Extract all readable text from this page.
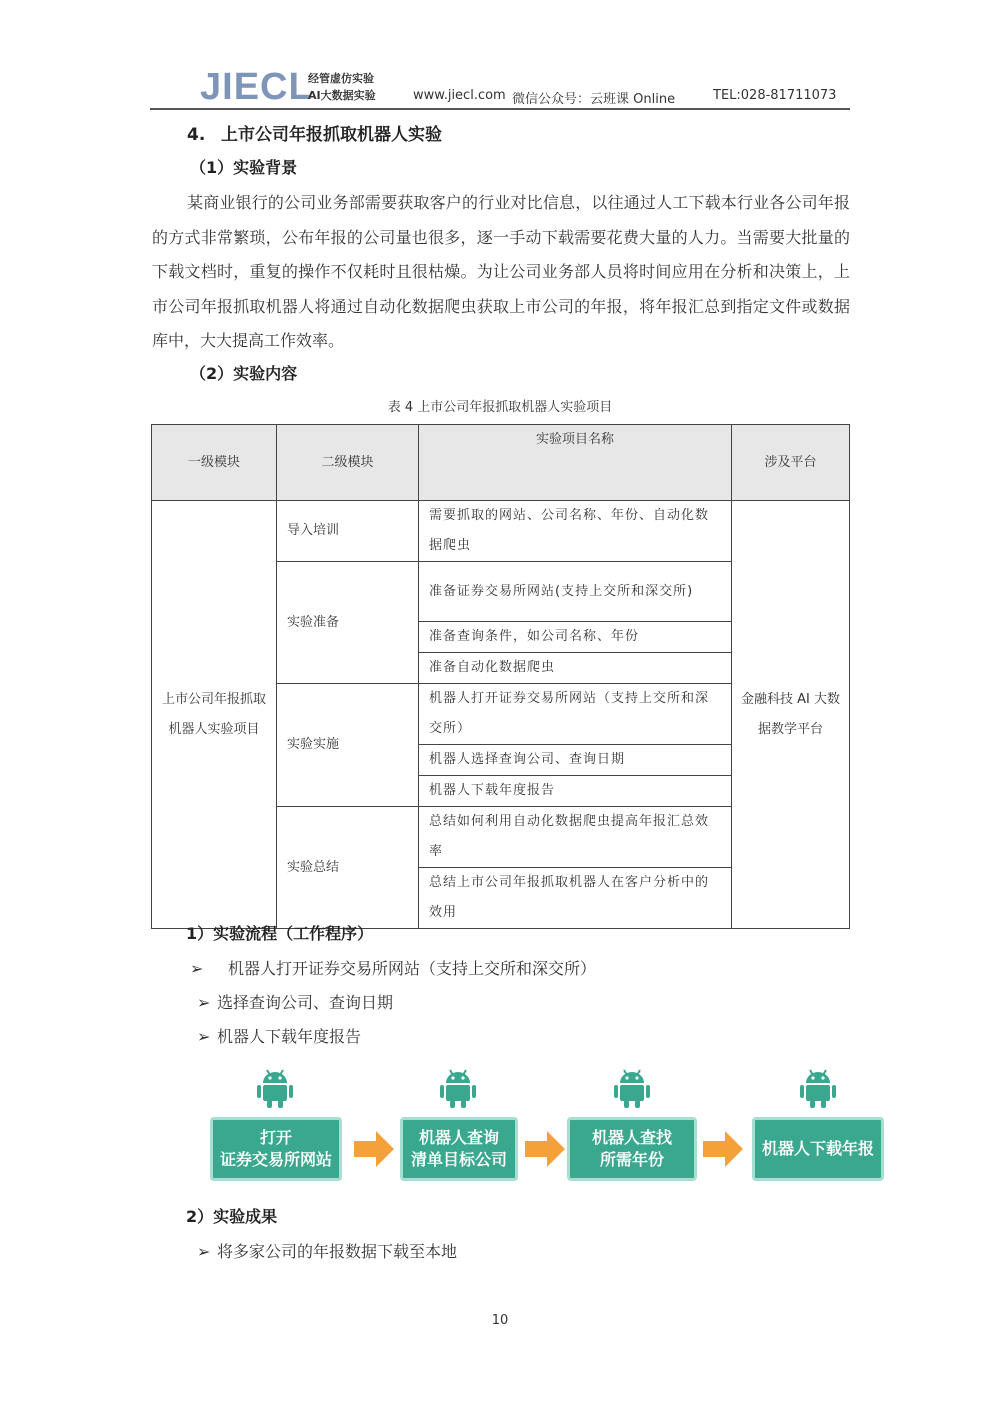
JIECL
经管虚仿实验
AI大数据实验	www.jiecl.com 微信公众号：云班课 Online	TEL:028-81711073
4. 上市公司年报抓取机器人实验
（1）实验背景
某商业银行的公司业务部需要获取客户的行业对比信息，以往通过人工下载本行业各公司年报的方式非常繁琐，公布年报的公司量也很多，逐一手动下载需要花费大量的人力。当需要大批量的下载文档时，重复的操作不仅耗时且很枯燥。为让公司业务部人员将时间应用在分析和决策上，上市公司年报抓取机器人将通过自动化数据爬虫获取上市公司的年报，将年报汇总到指定文件或数据库中，大大提高工作效率。
（2）实验内容
表 4 上市公司年报抓取机器人实验项目
一级模块	二级模块	实验项目名称	涉及平台
上市公司年报抓取机器人实验项目	导入培训	需要抓取的网站、公司名称、年份、自动化数据爬虫	金融科技 AI 大数据教学平台
	实验准备	准备证券交易所网站(支持上交所和深交所)	
		准备查询条件，如公司名称、年份	
		准备自动化数据爬虫	
	实验实施	机器人打开证券交易所网站（支持上交所和深交所）	
		机器人选择查询公司、查询日期	
		机器人下载年度报告	
	实验总结	总结如何利用自动化数据爬虫提高年报汇总效率	
		总结上市公司年报抓取机器人在客户分析中的效用	
1）实验流程（工作程序）
➢ 机器人打开证券交易所网站（支持上交所和深交所）
➢ 选择查询公司、查询日期
➢ 机器人下载年度报告
打开
证券交易所网站
机器人查询
清单目标公司
机器人查找
所需年份
机器人下载年报
2）实验成果
➢ 将多家公司的年报数据下载至本地
10
